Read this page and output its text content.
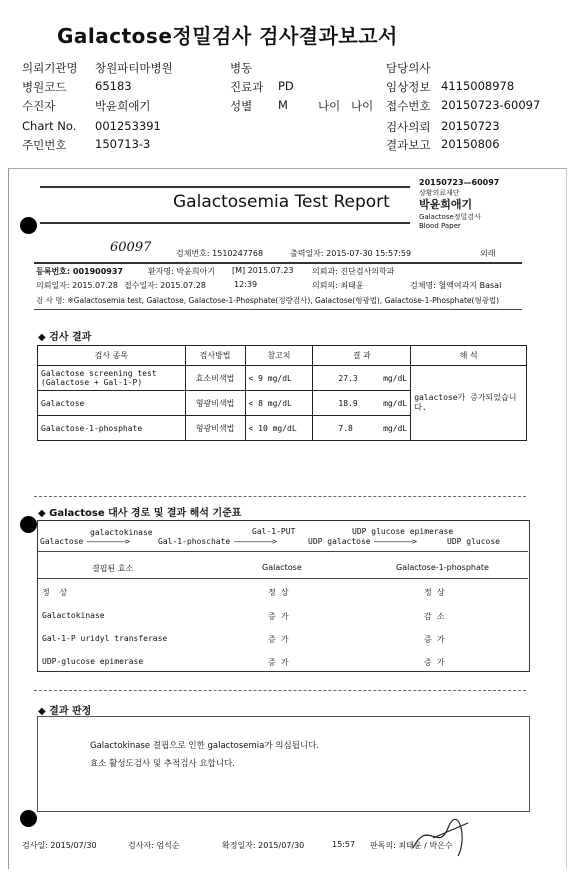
Galactose정밀검사 검사결과보고서
의뢰기관명 창원파티마병원	병동	담당의사
병원코드 65183	진료과 PD	임상정보 4115008978
수진자	박윤희애기	성별 M	나이 나이 접수번호 20150723-60097
Chart No. 001253391	검사의뢰 20150723
주민번호 150713-3	결과보고 20150806
Galactosemia Test Report
20150723—60097
상황의료재단
박윤희애기
Galactose정밀검사
Blood Paper
60097	검체번호: 1510247768	출력일자: 2015-07-30 15:57:59	외래
등록번호: 001900937	환자명: 박윤희아기 [M] 2015.07.23 의뢰과: 진단검사의학과
의뢰일자: 2015.07.28 접수일자: 2015.07.28	12:39	의뢰의: 최태윤	검체명: 혈액여과지 Basal
검 사 명: ※Galactosemia test, Galactose, Galactose-1-Phosphate(정량검사), Galactose(형광법), Galactose-1-Phosphate(형광법)
◆ 검사 결과
검사 종목	검사방법	참고치	결 과	해 석
Galactose screening test
(Galactose + Gal-1-P)	효소비색법	< 9 mg/dL	27.3 mg/dL	galactose가 증가되었습니다.
Galactose	형광비색법	< 8 mg/dL	18.9 mg/dL	

Galactose-1-phosphate	형광비색법	< 10 mg/dL	7.8 mg/dL	
◆ Galactose 대사 경로 및 결과 해석 기준표
galactokinase	Gal-1-PUT	UDP glucose epimerase
Galactose ——————————>	Gal-1-phoschate ——————————>	UDP galactose ——————————>	UDP glucose
결핍된 효소	Galactose	Galactose-1-phosphate
정  상	정  상	정  상
Galactokinase	증  가	감  소
Gal-1-P uridyl transferase	증  가	증  가
UDP-glucose epimerase	증  가	증  가
◆ 결과 판정
Galactokinase 결핍으로 인한 galactosemia가 의심됩니다.
효소 활성도검사 및 추적검사 요합니다.
검사일: 2015/07/30	검사자: 엄석순	확정일자: 2015/07/30	15:57 판독의: 최태윤 / 박은수
